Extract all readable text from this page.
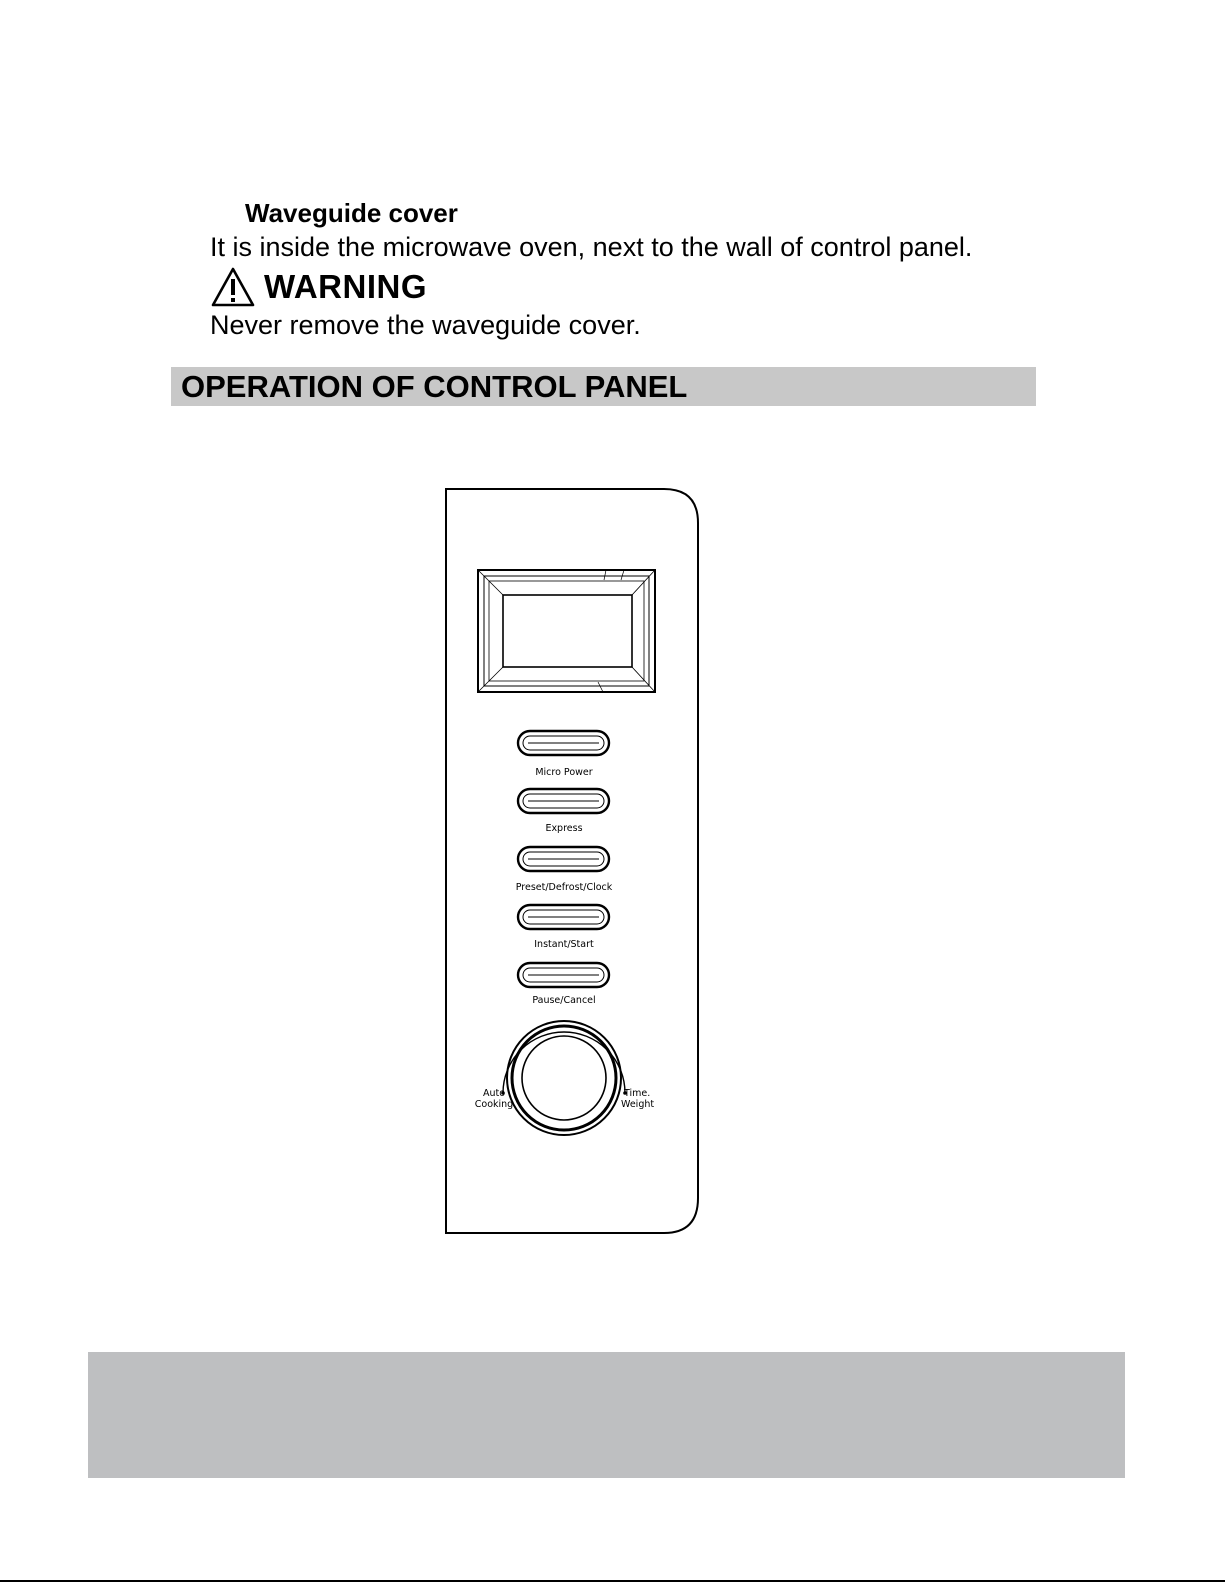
Waveguide cover

It is inside the microwave oven, next to the wall of control panel.

WARNING

Never remove the waveguide cover.

OPERATION OF CONTROL PANEL
Micro Power
Express
Preset/Defrost/Clock
Instant/Start
Pause/Cancel
Auto
Cooking
Time.
Weight
